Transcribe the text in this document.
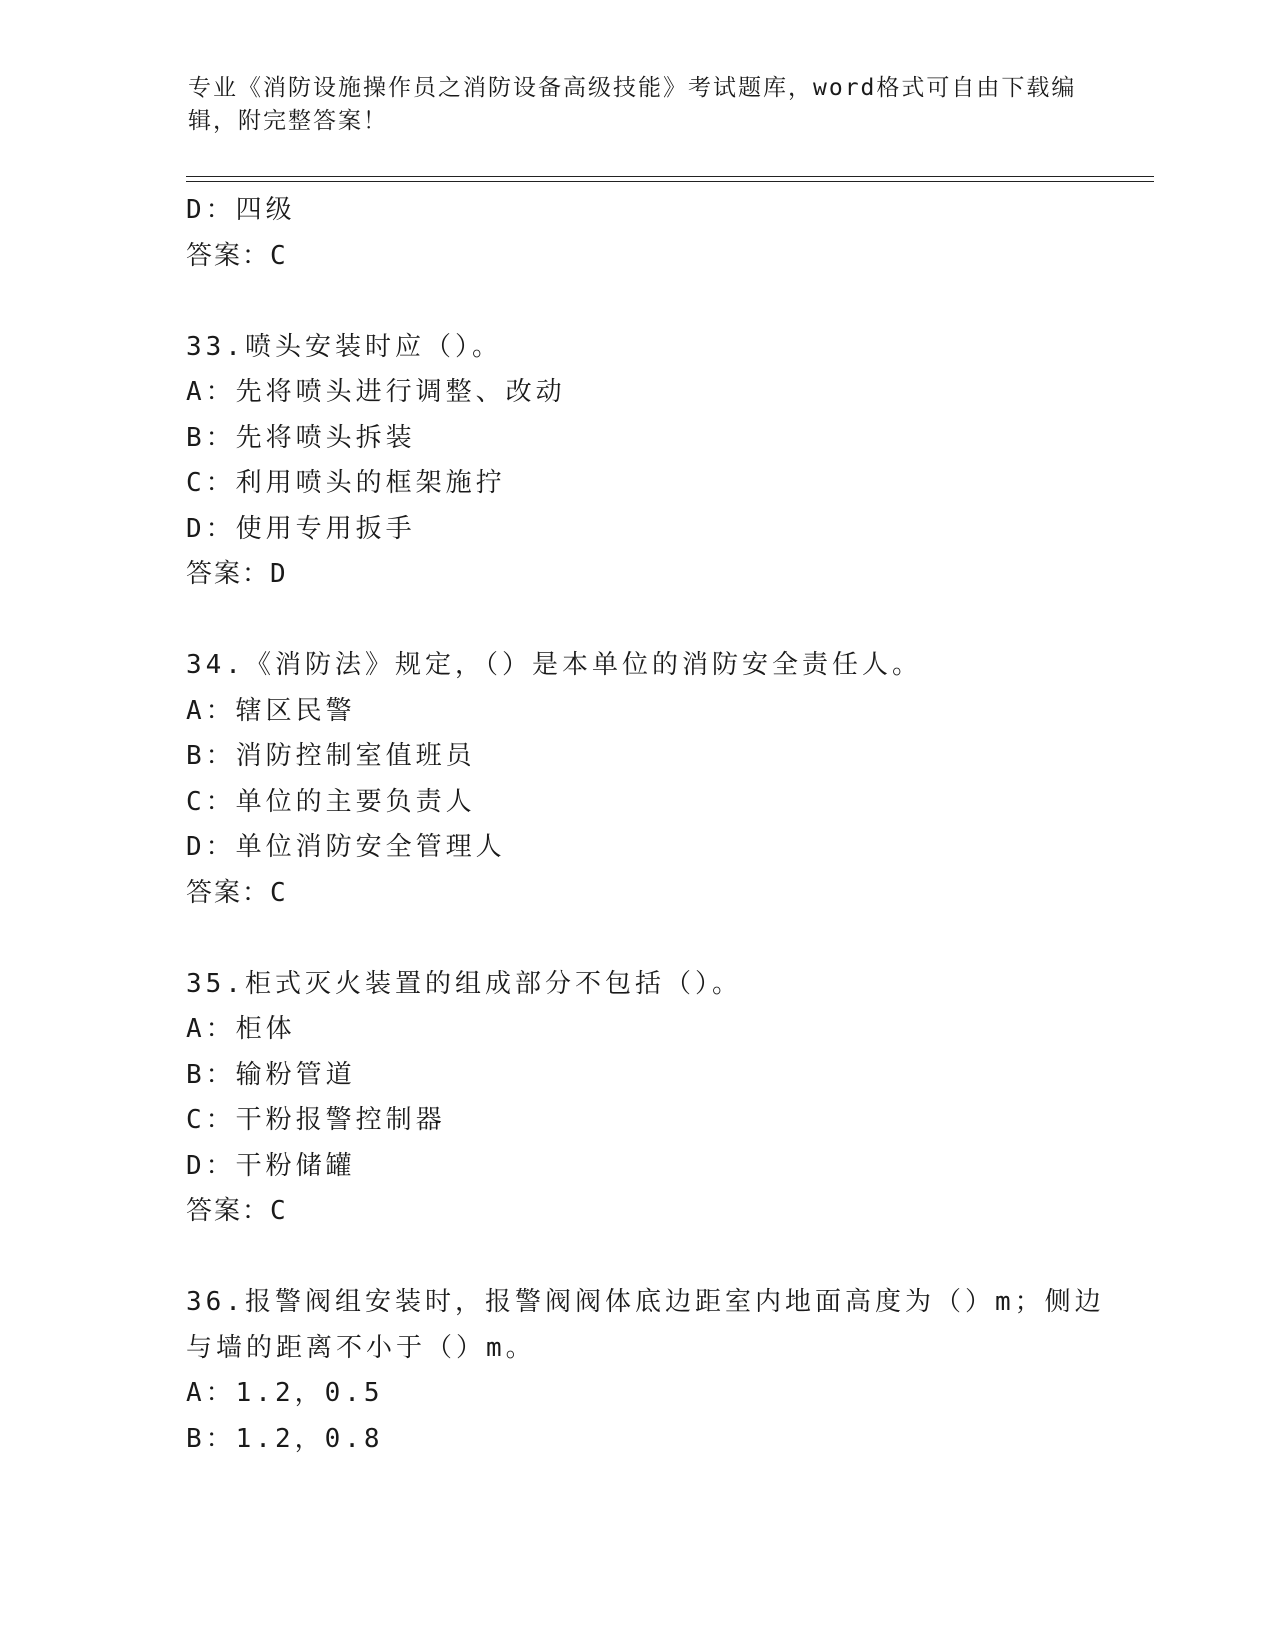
专业《消防设施操作员之消防设备高级技能》考试题库，word格式可自由下载编辑，附完整答案！
D：四级
答案：C
33.喷头安装时应（）。
A：先将喷头进行调整、改动
B：先将喷头拆装
C：利用喷头的框架施拧
D：使用专用扳手
答案：D
34.《消防法》规定，（）是本单位的消防安全责任人。
A：辖区民警
B：消防控制室值班员
C：单位的主要负责人
D：单位消防安全管理人
答案：C
35.柜式灭火装置的组成部分不包括（）。
A：柜体
B：输粉管道
C：干粉报警控制器
D：干粉储罐
答案：C
36.报警阀组安装时，报警阀阀体底边距室内地面高度为（）m；侧边
与墙的距离不小于（）m。
A：1.2，0.5
B：1.2，0.8
